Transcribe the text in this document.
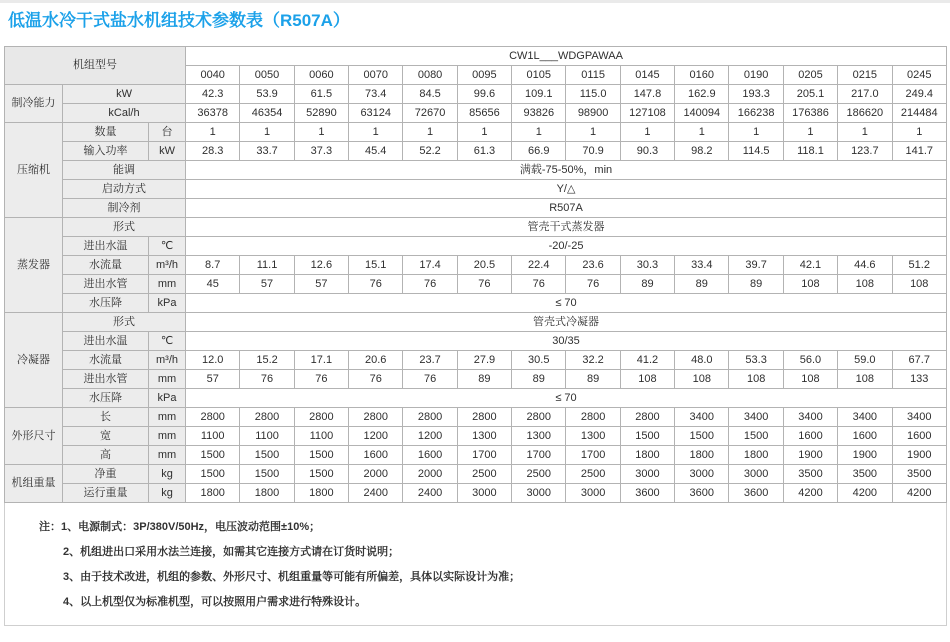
低温水冷干式盐水机组技术参数表（R507A）
机组型号			CW1L___WDGPAWAA													
			0040	0050	0060	0070	0080	0095	0105	0115	0145	0160	0190	0205	0215	0245
制冷能力	kW		42.3	53.9	61.5	73.4	84.5	99.6	109.1	115.0	147.8	162.9	193.3	205.1	217.0	249.4
	kCal/h		36378	46354	52890	63124	72670	85656	93826	98900	127108	140094	166238	176386	186620	214484
压缩机	数量	台	1	1	1	1	1	1	1	1	1	1	1	1	1	1
	输入功率	kW	28.3	33.7	37.3	45.4	52.2	61.3	66.9	70.9	90.3	98.2	114.5	118.1	123.7	141.7
	能调		满载-75-50%，min													
	启动方式		Y/△													
	制冷剂		R507A													
蒸发器	形式		管壳干式蒸发器													
	进出水温	℃	-20/-25													
	水流量	m³/h	8.7	11.1	12.6	15.1	17.4	20.5	22.4	23.6	30.3	33.4	39.7	42.1	44.6	51.2
	进出水管	mm	45	57	57	76	76	76	76	76	89	89	89	108	108	108
	水压降	kPa	≤ 70													
冷凝器	形式		管壳式冷凝器													
	进出水温	℃	30/35													
	水流量	m³/h	12.0	15.2	17.1	20.6	23.7	27.9	30.5	32.2	41.2	48.0	53.3	56.0	59.0	67.7
	进出水管	mm	57	76	76	76	76	89	89	89	108	108	108	108	108	133
	水压降	kPa	≤ 70													
外形尺寸	长	mm	2800	2800	2800	2800	2800	2800	2800	2800	2800	3400	3400	3400	3400	3400
	宽	mm	1100	1100	1100	1200	1200	1300	1300	1300	1500	1500	1500	1600	1600	1600
	高	mm	1500	1500	1500	1600	1600	1700	1700	1700	1800	1800	1800	1900	1900	1900
机组重量	净重	kg	1500	1500	1500	2000	2000	2500	2500	2500	3000	3000	3000	3500	3500	3500
	运行重量	kg	1800	1800	1800	2400	2400	3000	3000	3000	3600	3600	3600	4200	4200	4200
注：1、电源制式：3P/380V/50Hz，电压波动范围±10%；
2、机组进出口采用水法兰连接，如需其它连接方式请在订货时说明；
3、由于技术改进，机组的参数、外形尺寸、机组重量等可能有所偏差，具体以实际设计为准；
4、以上机型仅为标准机型，可以按照用户需求进行特殊设计。
